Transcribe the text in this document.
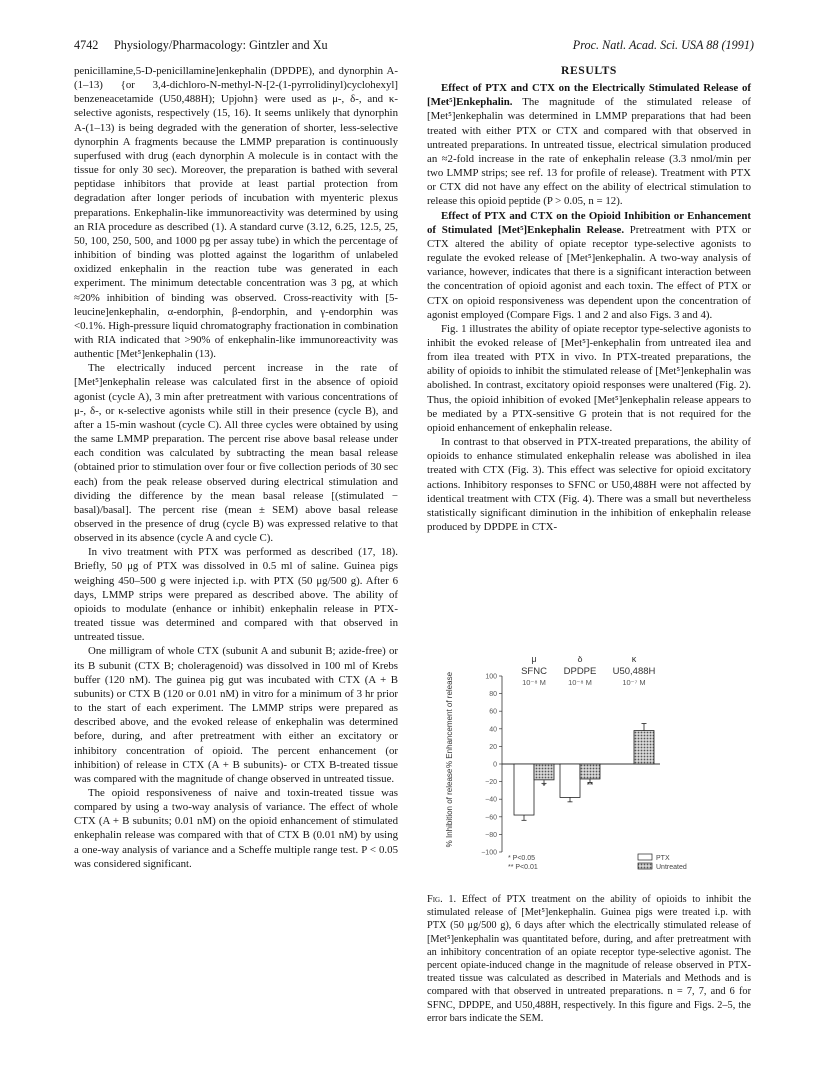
4742 Physiology/Pharmacology: Gintzler and Xu	Proc. Natl. Acad. Sci. USA 88 (1991)

penicillamine,5-D-penicillamine]enkephalin (DPDPE), and dynorphin A-(1–13) {or 3,4-dichloro-N-methyl-N-[2-(1-pyrrolidinyl)cyclohexyl] benzeneacetamide (U50,488H); Upjohn} were used as μ-, δ-, and κ-selective agonists, respectively (15, 16). It seems unlikely that dynorphin A-(1–13) is being degraded with the generation of shorter, less-selective dynorphin A fragments because the LMMP preparation is continuously superfused with drug (each dynorphin A molecule is in contact with the tissue for only 30 sec). Moreover, the preparation is bathed with several peptidase inhibitors that provide at least partial protection from degradation after longer periods of incubation with myenteric plexus preparations. Enkephalin-like immunoreactivity was determined by using an RIA procedure as described (1). A standard curve (3.12, 6.25, 12.5, 25, 50, 100, 250, 500, and 1000 pg per assay tube) in which the percentage of inhibition of binding was plotted against the logarithm of unlabeled oxidized enkephalin in the reaction tube was generated in each experiment. The minimum detectable concentration was 3 pg, at which ≈20% inhibition of binding was observed. Cross-reactivity with [5-leucine]enkephalin, α-endorphin, β-endorphin, and γ-endorphin was <0.1%. High-pressure liquid chromatography fractionation in combination with RIA indicated that >90% of enkephalin-like immunoreactivity was authentic [Met⁵]enkephalin (13).

The electrically induced percent increase in the rate of [Met⁵]enkephalin release was calculated first in the absence of opioid agonist (cycle A), 3 min after pretreatment with various concentrations of μ-, δ-, or κ-selective agonists while still in their presence (cycle B), and after a 15-min washout (cycle C). All three cycles were obtained by using the same LMMP preparation. The percent rise above basal release under each condition was calculated by subtracting the mean basal release (obtained prior to stimulation over four or five collection periods of 30 sec each) from the peak release observed during electrical stimulation and dividing the difference by the mean basal release [(stimulated − basal)/basal]. The percent rise (mean ± SEM) above basal release observed in the presence of drug (cycle B) was expressed relative to that observed in its absence (cycle A and cycle C).

In vivo treatment with PTX was performed as described (17, 18). Briefly, 50 μg of PTX was dissolved in 0.5 ml of saline. Guinea pigs weighing 450–500 g were injected i.p. with PTX (50 μg/500 g). After 6 days, LMMP strips were prepared as described above. The ability of opioids to modulate (enhance or inhibit) enkephalin release in PTX-treated tissue was determined and compared with that observed in untreated tissue.

One milligram of whole CTX (subunit A and subunit B; azide-free) or its B subunit (CTX B; choleragenoid) was dissolved in 100 ml of Krebs buffer (120 nM). The guinea pig gut was incubated with CTX (A + B subunits) or CTX B (120 or 0.01 nM) in vitro for a minimum of 3 hr prior to the start of each experiment. The LMMP strips were prepared as described above, and the evoked release of enkephalin was determined before, during, and after pretreatment with either an excitatory or inhibitory concentration of opioid. The percent enhancement (or inhibition) of release in CTX (A + B subunits)- or CTX B-treated tissue was compared with the magnitude of change observed in untreated tissue.

The opioid responsiveness of naive and toxin-treated tissue was compared by using a two-way analysis of variance. The effect of whole CTX (A + B subunits; 0.01 nM) on the opioid enhancement of stimulated enkephalin release was compared with that of CTX B (0.01 nM) by using a one-way analysis of variance and a Scheffe multiple range test. P < 0.05 was considered significant.

RESULTS

Effect of PTX and CTX on the Electrically Stimulated Release of [Met⁵]Enkephalin. The magnitude of the stimulated release of [Met⁵]enkephalin was determined in LMMP preparations that had been treated with either PTX or CTX and compared with that observed in untreated preparations. In untreated tissue, electrical simulation produced an ≈2-fold increase in the rate of enkephalin release (3.3 nmol/min per two LMMP strips; see ref. 13 for profile of release). Treatment with PTX or CTX did not have any effect on the ability of electrical stimulation to release this opioid peptide (P > 0.05, n = 12).

Effect of PTX and CTX on the Opioid Inhibition or Enhancement of Stimulated [Met⁵]Enkephalin Release. Pretreatment with PTX or CTX altered the ability of opiate receptor type-selective agonists to regulate the evoked release of [Met⁵]enkephalin. A two-way analysis of variance, however, indicates that there is a significant interaction between the concentration of opioid agonist and each toxin. The effect of PTX or CTX on opioid responsiveness was dependent upon the concentration of agonist employed (Compare Figs. 1 and 2 and also Figs. 3 and 4).

Fig. 1 illustrates the ability of opiate receptor type-selective agonists to inhibit the evoked release of [Met⁵]-enkephalin from untreated ilea and from ilea treated with PTX in vivo. In PTX-treated preparations, the ability of opioids to inhibit the stimulated release of [Met⁵]enkephalin was abolished. In contrast, excitatory opioid responses were unaltered (Fig. 2). Thus, the opioid inhibition of evoked [Met⁵]enkephalin release appears to be mediated by a PTX-sensitive G protein that is not required for the opioid enhancement of enkephalin release.

In contrast to that observed in PTX-treated preparations, the ability of opioids to enhance stimulated enkephalin release was abolished in ilea treated with CTX (Fig. 3). This effect was selective for opioid excitatory actions. Inhibitory responses to SFNC or U50,488H were not affected by identical treatment with CTX (Fig. 4). There was a small but nevertheless statistically significant diminution in the inhibition of enkephalin release produced by DPDPE in CTX-

μ
SFNC
10⁻⁸ M
δ
DPDPE
10⁻⁸ M
κ
U50,488H
10⁻⁷ M
−100
−80
−60
−40
−20
0
20
40
60
80
100
% Enhancement of release
% Inhibition of release	*	**
* P<0.05
** P<0.01
PTX
Untreated
Fig. 1. Effect of PTX treatment on the ability of opioids to inhibit the stimulated release of [Met⁵]enkephalin. Guinea pigs were treated i.p. with PTX (50 μg/500 g), 6 days after which the electrically stimulated release of [Met⁵]enkephalin was quantitated before, during, and after pretreatment with an inhibitory concentration of an opiate receptor type-selective agonist. The percent opiate-induced change in the magnitude of release observed in PTX-treated tissue was calculated as described in Materials and Methods and is compared with that observed in untreated preparations. n = 7, 7, and 6 for SFNC, DPDPE, and U50,488H, respectively. In this figure and Figs. 2–5, the error bars indicate the SEM.
